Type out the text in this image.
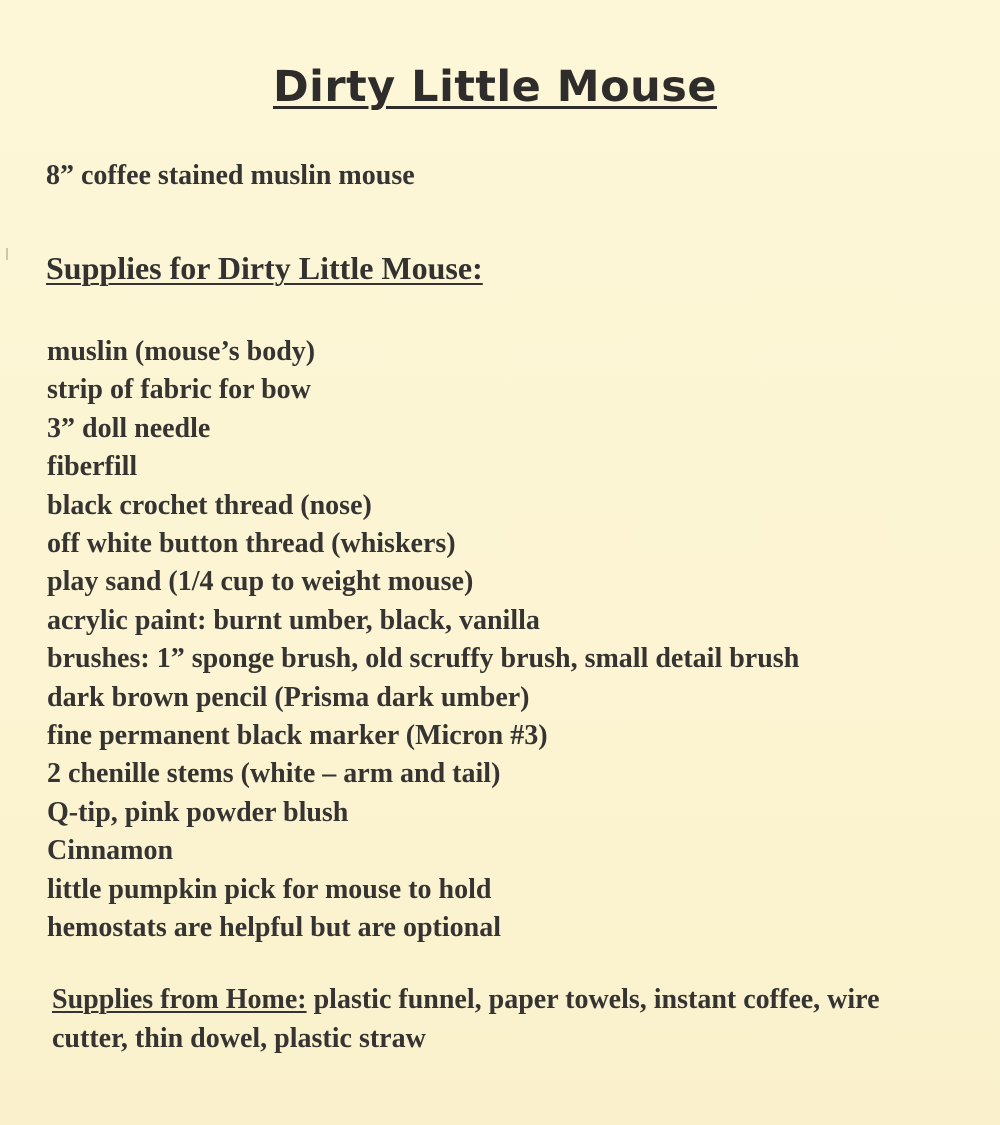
Dirty Little Mouse
8” coffee stained muslin mouse
Supplies for Dirty Little Mouse:
muslin (mouse’s body)
strip of fabric for bow
3” doll needle
fiberfill
black crochet thread (nose)
off white button thread (whiskers)
play sand (1/4 cup to weight mouse)
acrylic paint: burnt umber, black, vanilla
brushes: 1” sponge brush, old scruffy brush, small detail brush
dark brown pencil (Prisma dark umber)
fine permanent black marker (Micron #3)
2 chenille stems (white – arm and tail)
Q-tip, pink powder blush
Cinnamon
little pumpkin pick for mouse to hold
hemostats are helpful but are optional
Supplies from Home: plastic funnel, paper towels, instant coffee, wire cutter, thin dowel, plastic straw
